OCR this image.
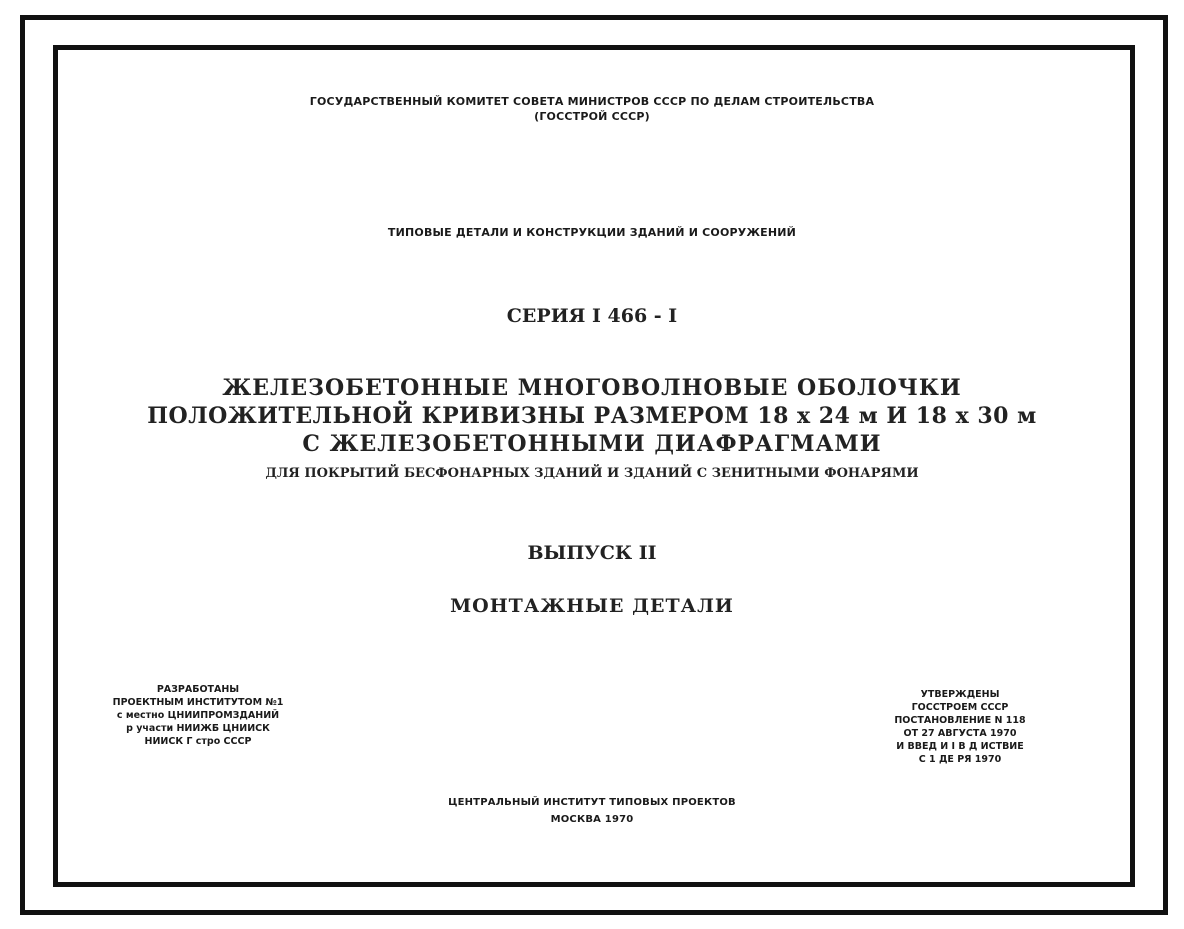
ГОСУДАРСТВЕННЫЙ КОМИТЕТ СОВЕТА МИНИСТРОВ СССР ПО ДЕЛАМ СТРОИТЕЛЬСТВА
(ГОССТРОЙ СССР)
ТИПОВЫЕ ДЕТАЛИ И КОНСТРУКЦИИ ЗДАНИЙ И СООРУЖЕНИЙ
СЕРИЯ I 466 - I
ЖЕЛЕЗОБЕТОННЫЕ МНОГОВОЛНОВЫЕ ОБОЛОЧКИ
ПОЛОЖИТЕЛЬНОЙ КРИВИЗНЫ РАЗМЕРОМ 18 х 24 м И 18 х 30 м
С ЖЕЛЕЗОБЕТОННЫМИ ДИАФРАГМАМИ
ДЛЯ ПОКРЫТИЙ БЕСФОНАРНЫХ ЗДАНИЙ И ЗДАНИЙ С ЗЕНИТНЫМИ ФОНАРЯМИ
ВЫПУСК II
МОНТАЖНЫЕ ДЕТАЛИ
РАЗРАБОТАНЫ
ПРОЕКТНЫМ ИНСТИТУТОМ №1
с местно ЦНИИПРОМЗДАНИЙ
р участи НИИЖБ ЦНИИСК
НИИСК Г стро СССР
УТВЕРЖДЕНЫ
ГОССТРОЕМ СССР
ПОСТАНОВЛЕНИЕ N 118
ОТ 27 АВГУСТА 1970
И ВВЕД И I В Д ИСТВИЕ
С 1 ДЕ РЯ 1970
ЦЕНТРАЛЬНЫЙ ИНСТИТУТ ТИПОВЫХ ПРОЕКТОВ
МОСКВА 1970
